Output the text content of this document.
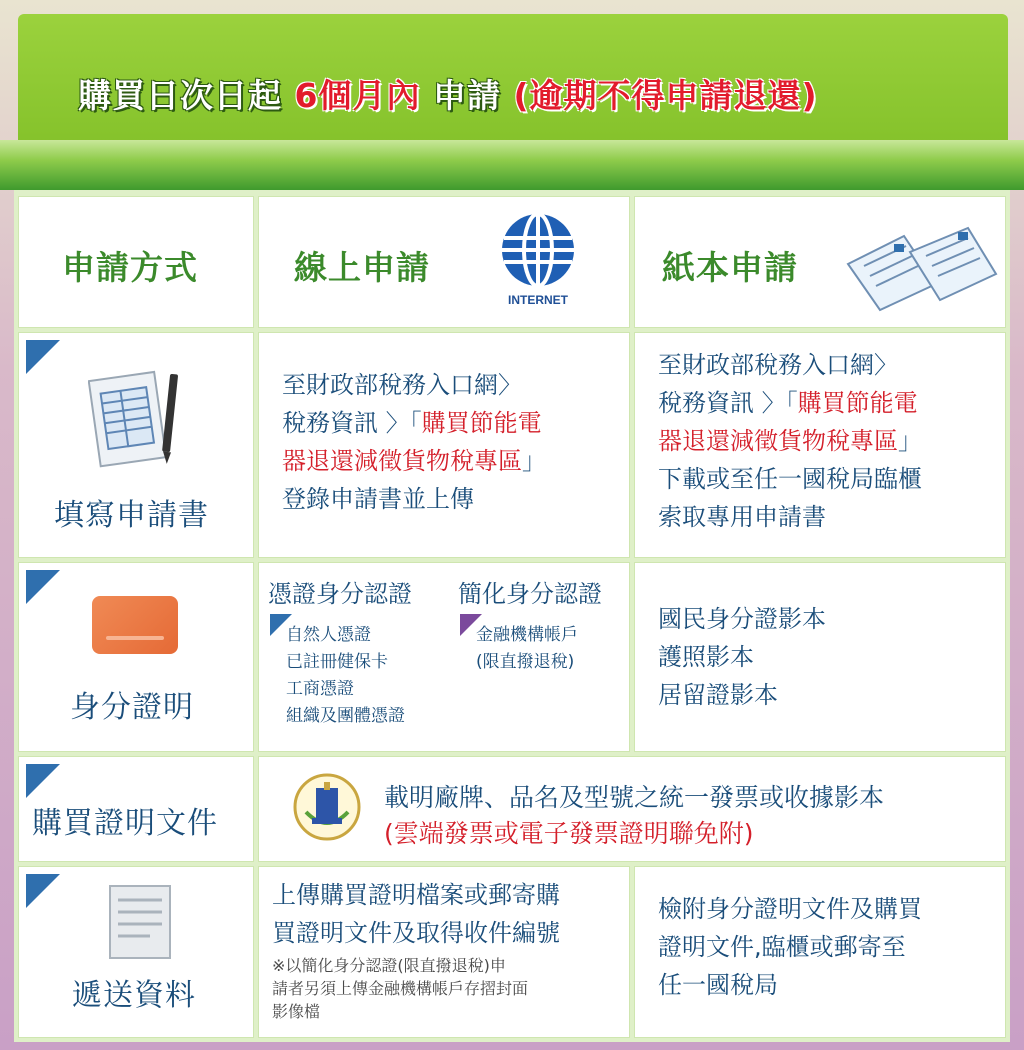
購買日次日起 6個月內 申請 (逾期不得申請退還)
申請方式	線上申請
INTERNET
紙本申請
填寫申請書
至財政部稅務入口網〉
稅務資訊 〉「購買節能電
器退還減徵貨物稅專區」
登錄申請書並上傳
至財政部稅務入口網〉
稅務資訊 〉「購買節能電
器退還減徵貨物稅專區」
下載或至任一國稅局臨櫃
索取專用申請書
身分證明
憑證身分認證 簡化身分認證
自然人憑證
已註冊健保卡
工商憑證
組織及團體憑證
金融機構帳戶
(限直撥退稅)
國民身分證影本
護照影本
居留證影本
購買證明文件
載明廠牌、品名及型號之統一發票或收據影本
(雲端發票或電子發票證明聯免附)
遞送資料
上傳購買證明檔案或郵寄購
買證明文件及取得收件編號
※以簡化身分認證(限直撥退稅)申
請者另須上傳金融機構帳戶存摺封面
影像檔
檢附身分證明文件及購買
證明文件,臨櫃或郵寄至
任一國稅局
